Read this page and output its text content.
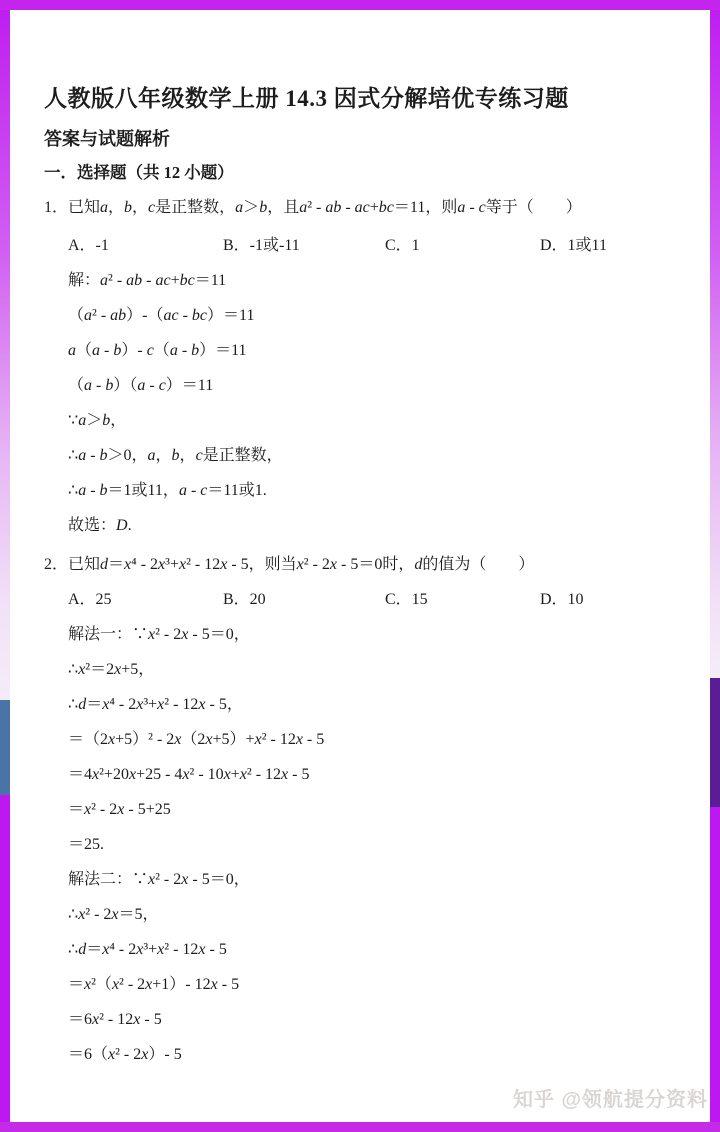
人教版八年级数学上册 14.3 因式分解培优专练习题
答案与试题解析
一．选择题（共 12 小题）
1．已知a，b，c是正整数，a＞b，且a² - ab - ac+bc＝11，则a - c等于（　　）
A．-1	B．-1或-11	C．1	D．1或11
解：a² - ab - ac+bc＝11
（a² - ab）-（ac - bc）＝11
a（a - b）- c（a - b）＝11
（a - b）（a - c）＝11
∵a＞b，
∴a - b＞0，a，b，c是正整数，
∴a - b＝1或11，a - c＝11或1.
故选：D.
2．已知d＝x⁴ - 2x³+x² - 12x - 5，则当x² - 2x - 5＝0时，d的值为（　　）
A．25	B．20	C．15	D．10
解法一：∵x² - 2x - 5＝0，
∴x²＝2x+5，
∴d＝x⁴ - 2x³+x² - 12x - 5，
＝（2x+5）² - 2x（2x+5）+x² - 12x - 5
＝4x²+20x+25 - 4x² - 10x+x² - 12x - 5
＝x² - 2x - 5+25
＝25.
解法二：∵x² - 2x - 5＝0，
∴x² - 2x＝5，
∴d＝x⁴ - 2x³+x² - 12x - 5
＝x²（x² - 2x+1）- 12x - 5
＝6x² - 12x - 5
＝6（x² - 2x）- 5
知乎 @领航提分资料
